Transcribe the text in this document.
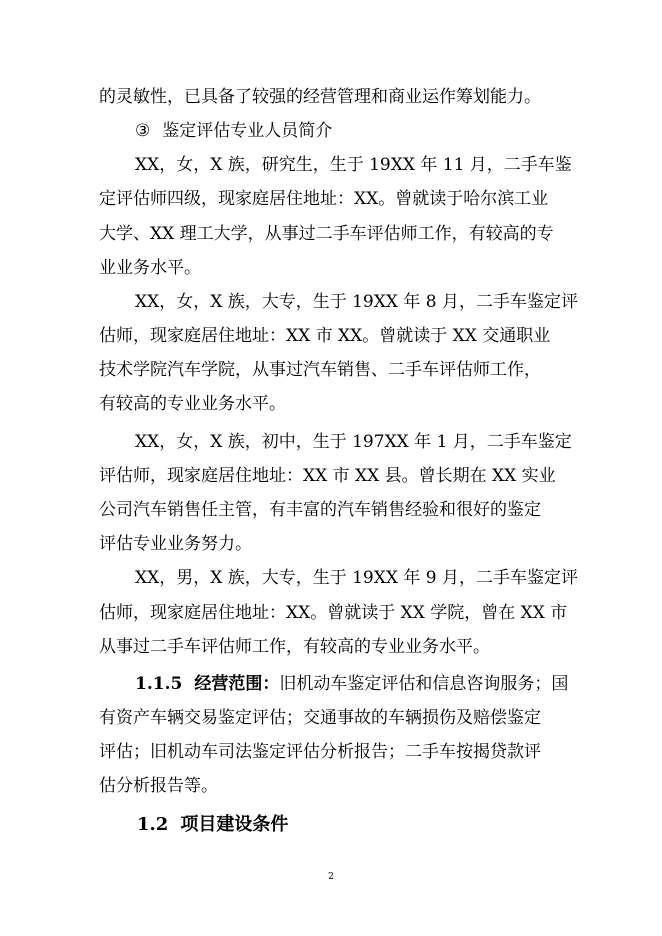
的灵敏性，已具备了较强的经营管理和商业运作筹划能力。
③ 鉴定评估专业人员简介
XX，女，X 族，研究生，生于 19XX 年 11 月，二手车鉴
定评估师四级，现家庭居住地址：XX。曾就读于哈尔滨工业
大学、XX 理工大学，从事过二手车评估师工作，有较高的专
业业务水平。
XX，女，X 族，大专，生于 19XX 年 8 月，二手车鉴定评
估师，现家庭居住地址：XX 市 XX。曾就读于 XX 交通职业
技术学院汽车学院，从事过汽车销售、二手车评估师工作，
有较高的专业业务水平。
XX，女，X 族，初中，生于 197XX 年 1 月，二手车鉴定
评估师，现家庭居住地址：XX 市 XX 县。曾长期在 XX 实业
公司汽车销售任主管，有丰富的汽车销售经验和很好的鉴定
评估专业业务努力。
XX，男，X 族，大专，生于 19XX 年 9 月，二手车鉴定评
估师，现家庭居住地址：XX。曾就读于 XX 学院，曾在 XX 市
从事过二手车评估师工作，有较高的专业业务水平。
1.1.5 经营范围：旧机动车鉴定评估和信息咨询服务；国
有资产车辆交易鉴定评估；交通事故的车辆损伤及赔偿鉴定
评估；旧机动车司法鉴定评估分析报告；二手车按揭贷款评
估分析报告等。
1.2 项目建设条件
2
